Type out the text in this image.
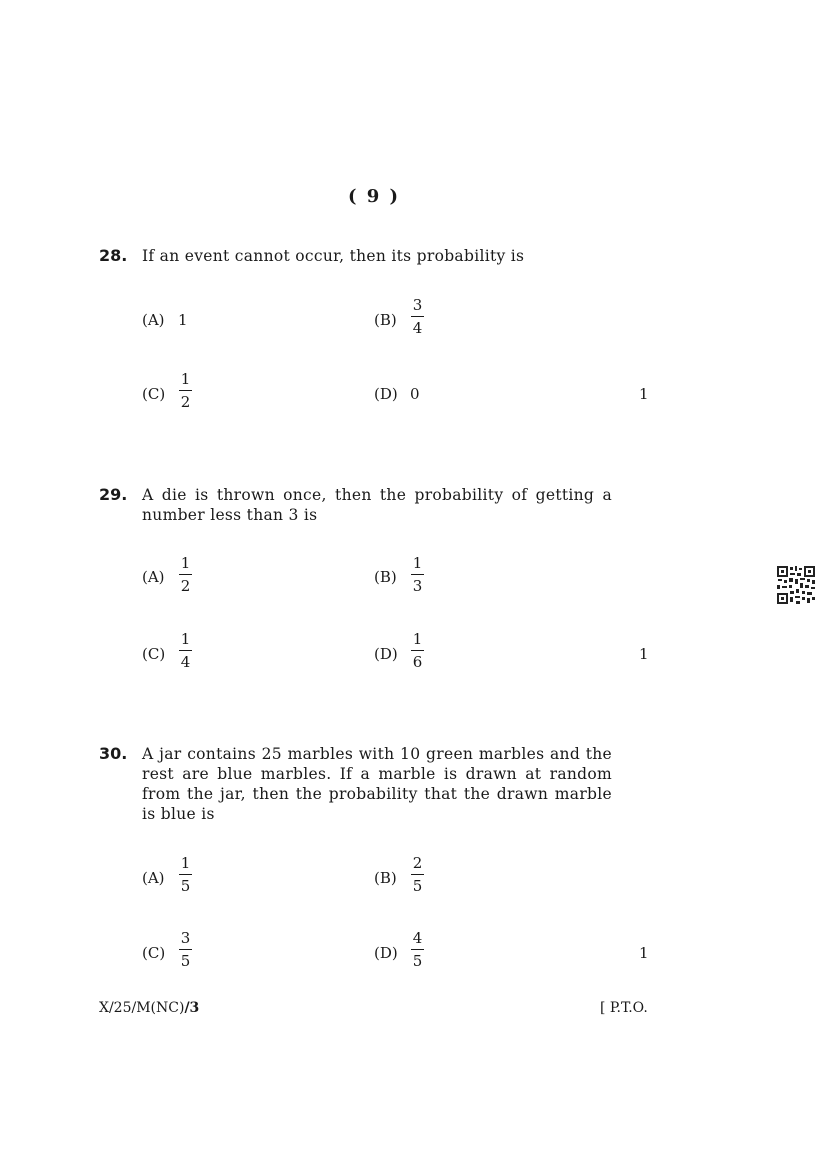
( 9 )
28. If an event cannot occur, then its probability is
(A) 1	(B)
3
4
(C)
1
2	(D) 0	1
29. A die is thrown once, then the probability of getting a number less than 3 is
(A)
1
2	(B)
1
3
(C)
1
4	(D)
1
6	1
30. A jar contains 25 marbles with 10 green marbles and the rest are blue marbles. If a marble is drawn at random from the jar, then the probability that the drawn marble is blue is
(A)
1
5	(B)
2
5
(C)
3
5	(D)
4
5	1
X/25/M(NC)/3	[ P.T.O.
